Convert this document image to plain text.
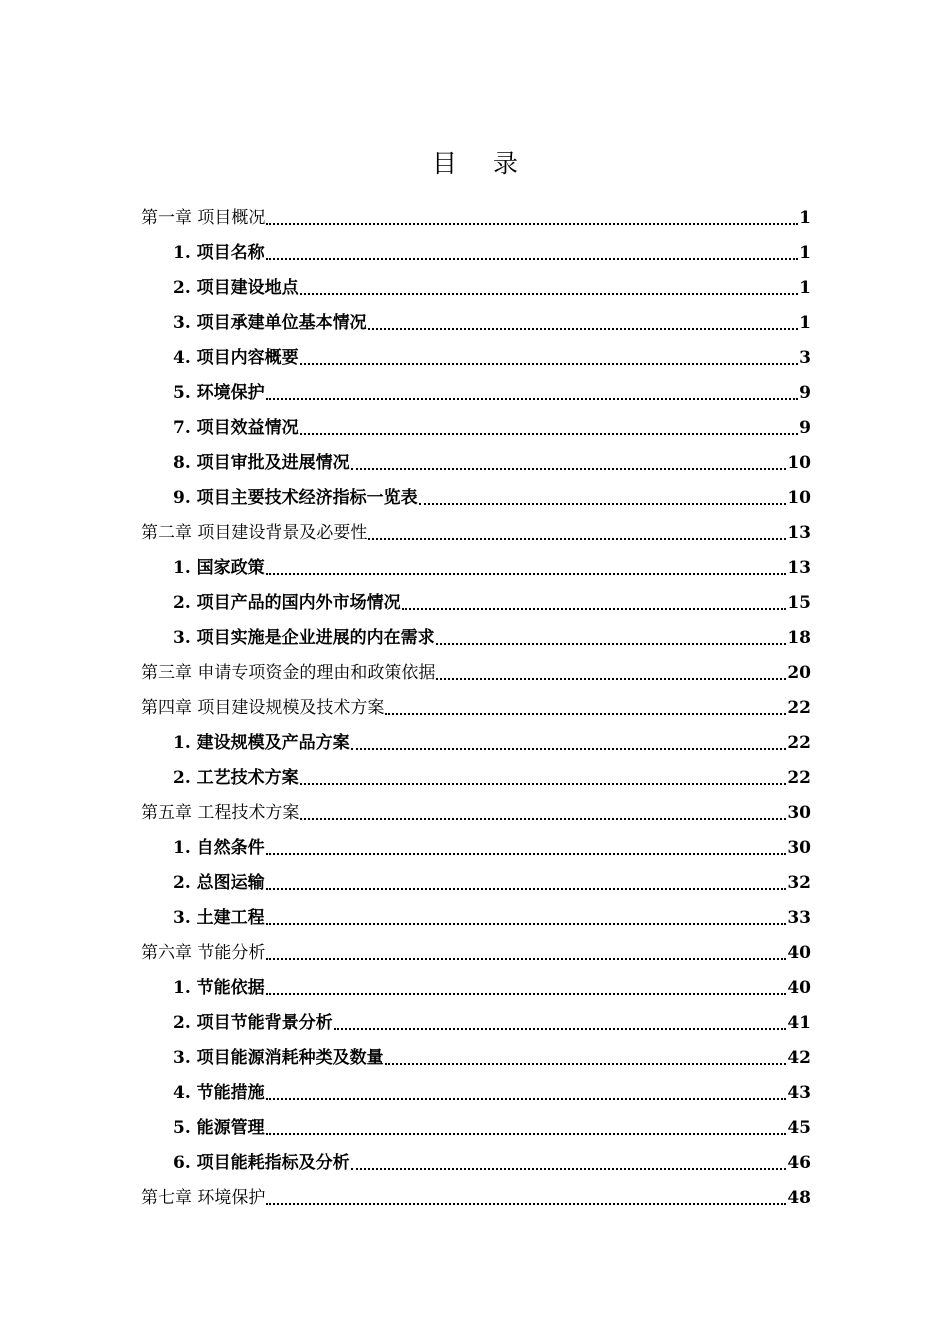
目 录
第一章 项目概况	1
1. 项目名称	1
2. 项目建设地点	1
3. 项目承建单位基本情况	1
4. 项目内容概要	3
5. 环境保护	9
7. 项目效益情况	9
8. 项目审批及进展情况	10
9. 项目主要技术经济指标一览表	10
第二章 项目建设背景及必要性	13
1. 国家政策	13
2. 项目产品的国内外市场情况	15
3. 项目实施是企业进展的内在需求	18
第三章 申请专项资金的理由和政策依据	20
第四章 项目建设规模及技术方案	22
1. 建设规模及产品方案	22
2. 工艺技术方案	22
第五章 工程技术方案	30
1. 自然条件	30
2. 总图运输	32
3. 土建工程	33
第六章 节能分析	40
1. 节能依据	40
2. 项目节能背景分析	41
3. 项目能源消耗种类及数量	42
4. 节能措施	43
5. 能源管理	45
6. 项目能耗指标及分析	46
第七章 环境保护	48
